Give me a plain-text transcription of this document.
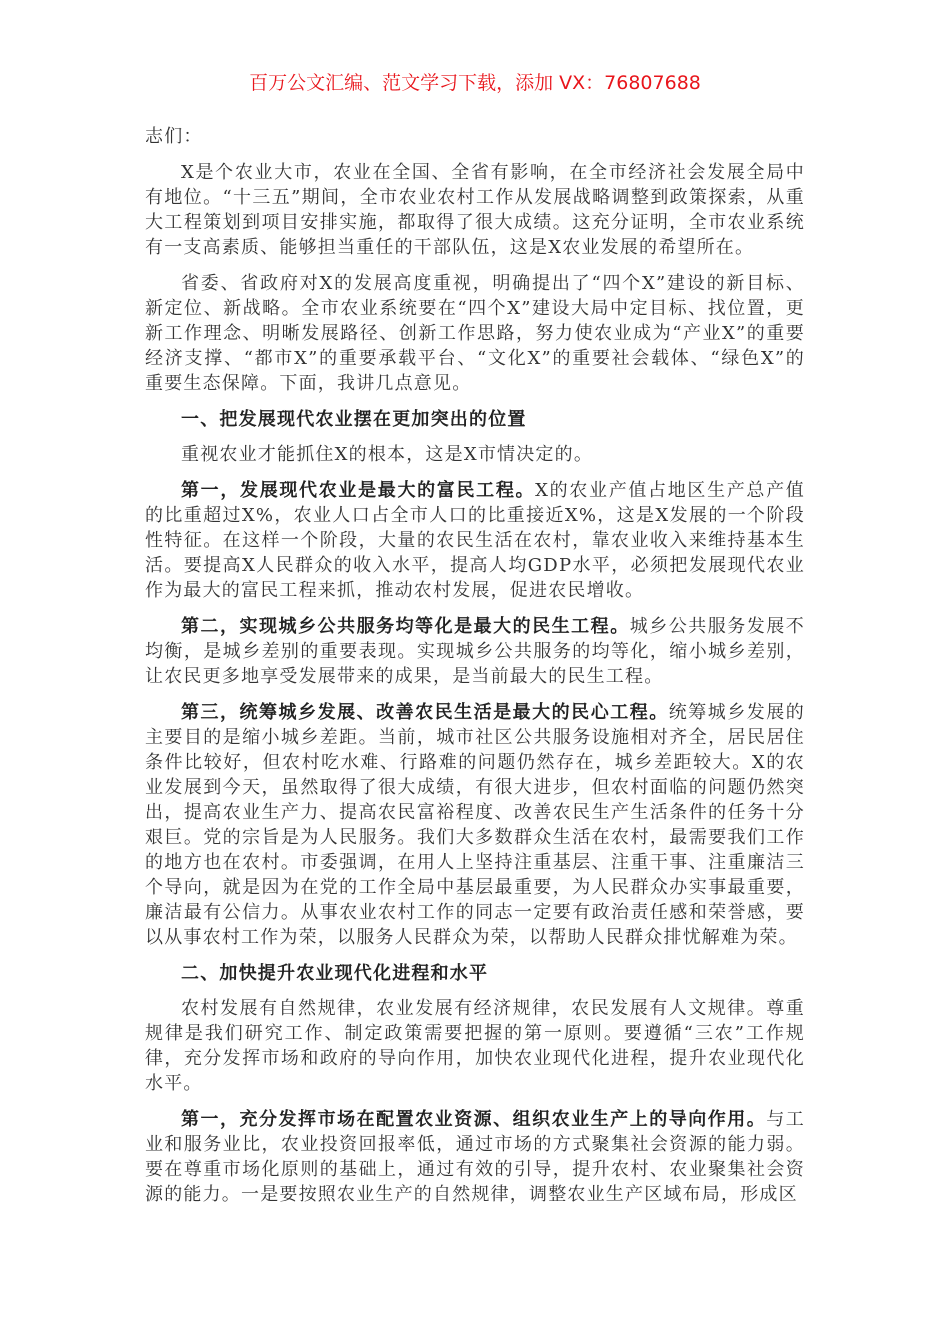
百万公文汇编、范文学习下载，添加 VX：76807688

志们：

X是个农业大市，农业在全国、全省有影响，在全市经济社会发展全局中有地位。“十三五”期间，全市农业农村工作从发展战略调整到政策探索，从重大工程策划到项目安排实施，都取得了很大成绩。这充分证明，全市农业系统有一支高素质、能够担当重任的干部队伍，这是X农业发展的希望所在。

省委、省政府对X的发展高度重视，明确提出了“四个X”建设的新目标、新定位、新战略。全市农业系统要在“四个X”建设大局中定目标、找位置，更新工作理念、明晰发展路径、创新工作思路，努力使农业成为“产业X”的重要经济支撑、“都市X”的重要承载平台、“文化X”的重要社会载体、“绿色X”的重要生态保障。下面，我讲几点意见。

一、把发展现代农业摆在更加突出的位置

重视农业才能抓住X的根本，这是X市情决定的。

第一，发展现代农业是最大的富民工程。X的农业产值占地区生产总产值的比重超过X%，农业人口占全市人口的比重接近X%，这是X发展的一个阶段性特征。在这样一个阶段，大量的农民生活在农村，靠农业收入来维持基本生活。要提高X人民群众的收入水平，提高人均GDP水平，必须把发展现代农业作为最大的富民工程来抓，推动农村发展，促进农民增收。

第二，实现城乡公共服务均等化是最大的民生工程。城乡公共服务发展不均衡，是城乡差别的重要表现。实现城乡公共服务的均等化，缩小城乡差别，让农民更多地享受发展带来的成果，是当前最大的民生工程。

第三，统筹城乡发展、改善农民生活是最大的民心工程。统筹城乡发展的主要目的是缩小城乡差距。当前，城市社区公共服务设施相对齐全，居民居住条件比较好，但农村吃水难、行路难的问题仍然存在，城乡差距较大。X的农业发展到今天，虽然取得了很大成绩，有很大进步，但农村面临的问题仍然突出，提高农业生产力、提高农民富裕程度、改善农民生产生活条件的任务十分艰巨。党的宗旨是为人民服务。我们大多数群众生活在农村，最需要我们工作的地方也在农村。市委强调，在用人上坚持注重基层、注重干事、注重廉洁三个导向，就是因为在党的工作全局中基层最重要，为人民群众办实事最重要，廉洁最有公信力。从事农业农村工作的同志一定要有政治责任感和荣誉感，要以从事农村工作为荣，以服务人民群众为荣，以帮助人民群众排忧解难为荣。

二、加快提升农业现代化进程和水平

农村发展有自然规律，农业发展有经济规律，农民发展有人文规律。尊重规律是我们研究工作、制定政策需要把握的第一原则。要遵循“三农”工作规律，充分发挥市场和政府的导向作用，加快农业现代化进程，提升农业现代化水平。

第一，充分发挥市场在配置农业资源、组织农业生产上的导向作用。与工业和服务业比，农业投资回报率低，通过市场的方式聚集社会资源的能力弱。要在尊重市场化原则的基础上，通过有效的引导，提升农村、农业聚集社会资源的能力。一是要按照农业生产的自然规律，调整农业生产区域布局，形成区
